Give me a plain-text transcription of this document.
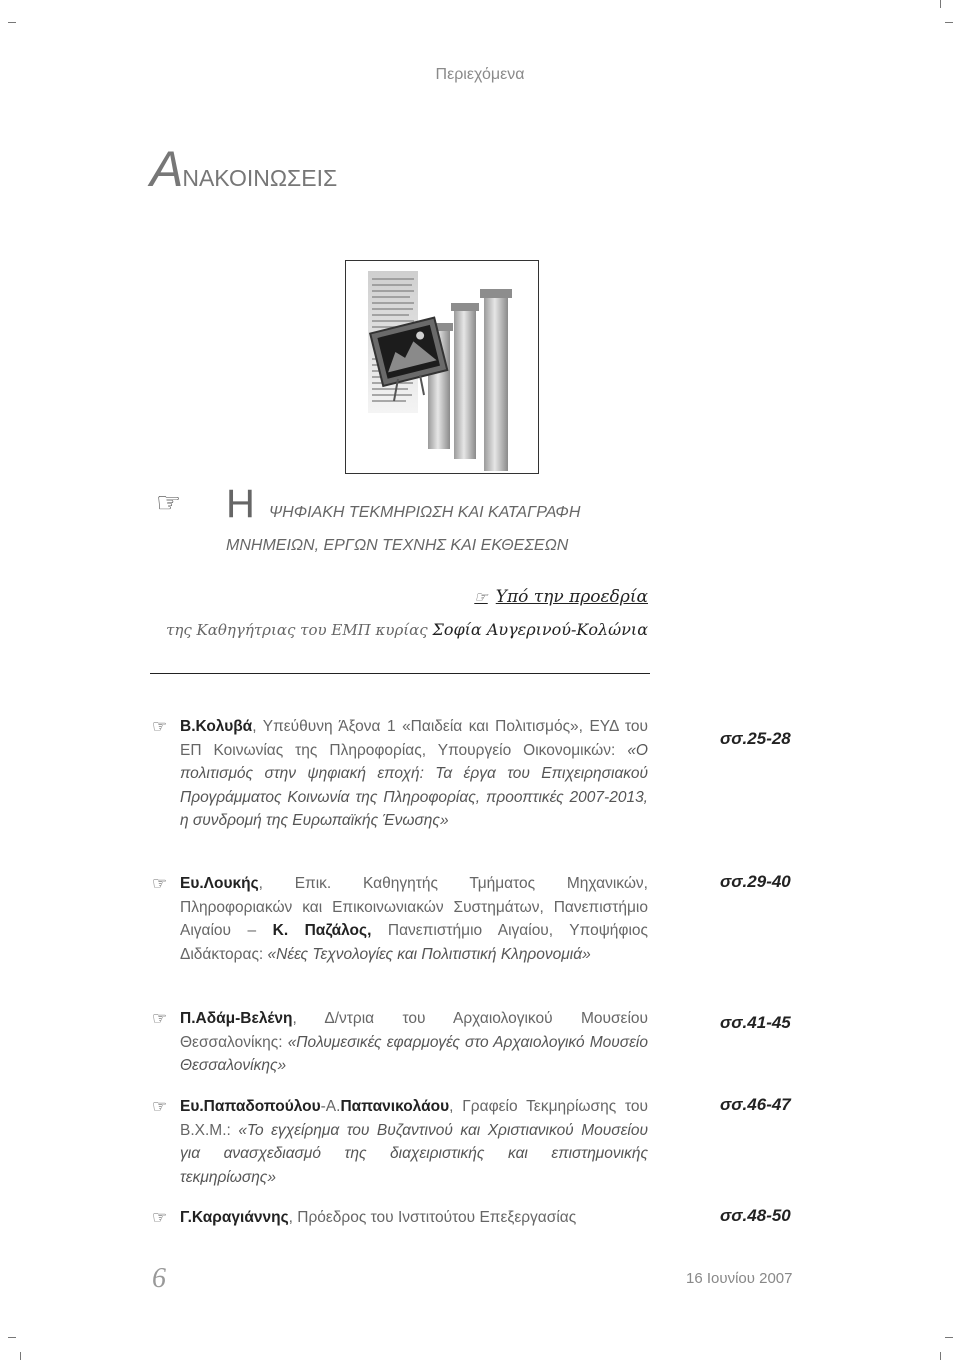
Περιεχόμενα
ΑΝΑΚΟΙΝΩΣΕΙΣ
☞ ΗΨΗΦΙΑΚΗ ΤΕΚΜΗΡΙΩΣΗ ΚΑΙ ΚΑΤΑΓΡΑΦΗ
ΜΝΗΜΕΙΩΝ, ΕΡΓΩΝ ΤΕΧΝΗΣ ΚΑΙ ΕΚΘΕΣΕΩΝ
☞ Υπό την προεδρία
της Καθηγήτριας του ΕΜΠ κυρίας Σοφία Αυγερινού-Κολώνια
☞ Β.Κολυβά, Υπεύθυνη Άξονα 1 «Παιδεία και Πολιτισμός», ΕΥΔ του ΕΠ Κοινωνίας της Πληροφορίας, Υπουργείο Οικονομικών: «Ο πολιτισμός στην ψηφιακή εποχή: Τα έργα του Επιχειρησιακού Προγράμματος Κοινωνία της Πληροφορίας, προοπτικές 2007-2013, η συνδρομή της Ευρωπαϊκής Ένωσης»
σσ.25-28
☞ Ευ.Λουκής, Επικ. Καθηγητής Τμήματος Μηχανικών, Πληροφοριακών και Επικοινωνιακών Συστημάτων, Πανεπιστήμιο Αιγαίου – Κ. Παζάλος, Πανεπιστήμιο Αιγαίου, Υποψήφιος Διδάκτορας: «Νέες Τεχνολογίες και Πολιτιστική Κληρονομιά»
σσ.29-40
☞ Π.Αδάμ-Βελένη, Δ/ντρια του Αρχαιολογικού Μουσείου Θεσσαλονίκης: «Πολυμεσικές εφαρμογές στο Αρχαιολογικό Μουσείο Θεσσαλονίκης»
σσ.41-45
☞ Ευ.Παπαδοπούλου-Α.Παπανικολάου, Γραφείο Τεκμηρίωσης του Β.Χ.Μ.: «Το εγχείρημα του Βυζαντινού και Χριστιανικού Μουσείου για ανασχεδιασμό της διαχειριστικής και επιστημονικής τεκμηρίωσης»
σσ.46-47
☞ Γ.Καραγιάννης, Πρόεδρος του Ινστιτούτου Επεξεργασίας	σσ.48-50
6	16 Ιουνίου 2007
